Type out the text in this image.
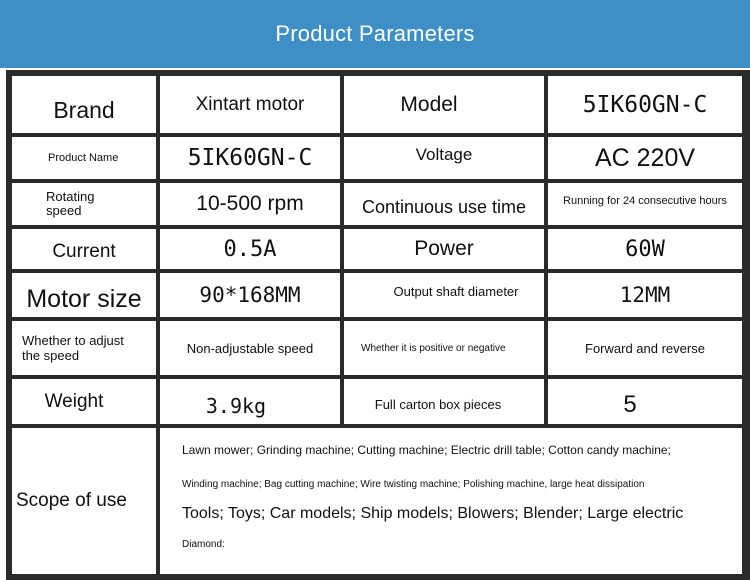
Product Parameters
Brand	Xintart motor	Model	5IK60GN-C
Product Name	5IK60GN-C	Voltage	AC 220V
Rotating
speed	10-500 rpm	Continuous use time	Running for 24 consecutive hours
Current	0.5A	Power	60W
Motor size	90*168MM	Output shaft diameter	12MM
Whether to adjust
the speed	Non-adjustable speed	Whether it is positive or negative	Forward and reverse
Weight	3.9kg	Full carton box pieces	5
Scope of use
Lawn mower; Grinding machine; Cutting machine; Electric drill table; Cotton candy machine;
Winding machine; Bag cutting machine; Wire twisting machine; Polishing machine, large heat dissipation
Tools; Toys; Car models; Ship models; Blowers; Blender; Large electric
Diamond:
